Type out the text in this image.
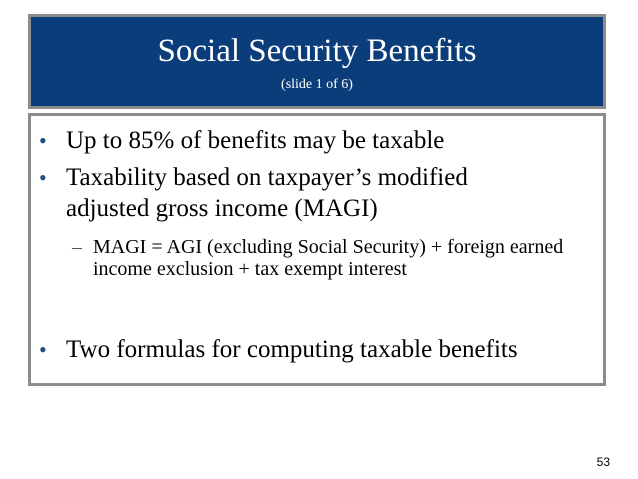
Social Security Benefits
(slide 1 of 6)
• Up to 85% of benefits may be taxable
• Taxability based on taxpayer’s modified adjusted gross income (MAGI)
– MAGI = AGI (excluding Social Security) + foreign earned income exclusion + tax exempt interest
• Two formulas for computing taxable benefits
53
